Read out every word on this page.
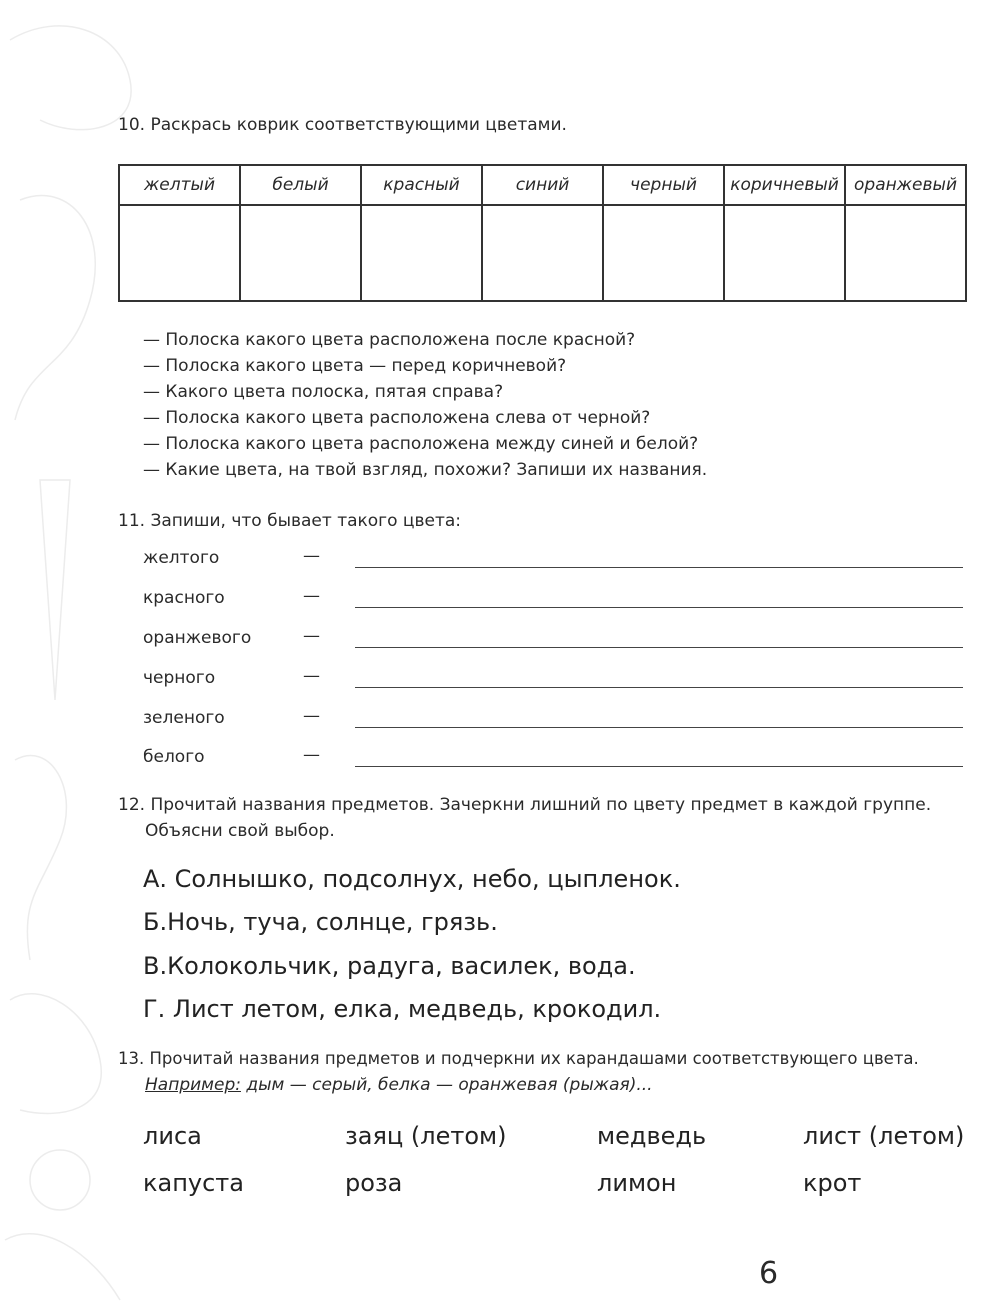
10. Раскрась коврик соответствующими цветами.
желтый	белый	красный	синий	черный	коричневый	оранжевый

— Полоска какого цвета расположена после красной?
— Полоска какого цвета — перед коричневой?
— Какого цвета полоска, пятая справа?
— Полоска какого цвета расположена слева от черной?
— Полоска какого цвета расположена между синей и белой?
— Какие цвета, на твой взгляд, похожи? Запиши их названия.
11. Запиши, что бывает такого цвета:
желтого	—
красного	—
оранжевого	—
черного	—
зеленого	—
белого	—
12. Прочитай названия предметов. Зачеркни лишний по цвету предмет в каждой группе.
Объясни свой выбор.
А. Солнышко, подсолнух, небо, цыпленок.
Б.Ночь, туча, солнце, грязь.
В.Колокольчик, радуга, василек, вода.
Г. Лист летом, елка, медведь, крокодил.
13. Прочитай названия предметов и подчеркни их карандашами соответствующего цвета.
Например: дым — серый, белка — оранжевая (рыжая)...
лиса	заяц (летом)	медведь	лист (летом)
капуста	роза	лимон	крот
6
